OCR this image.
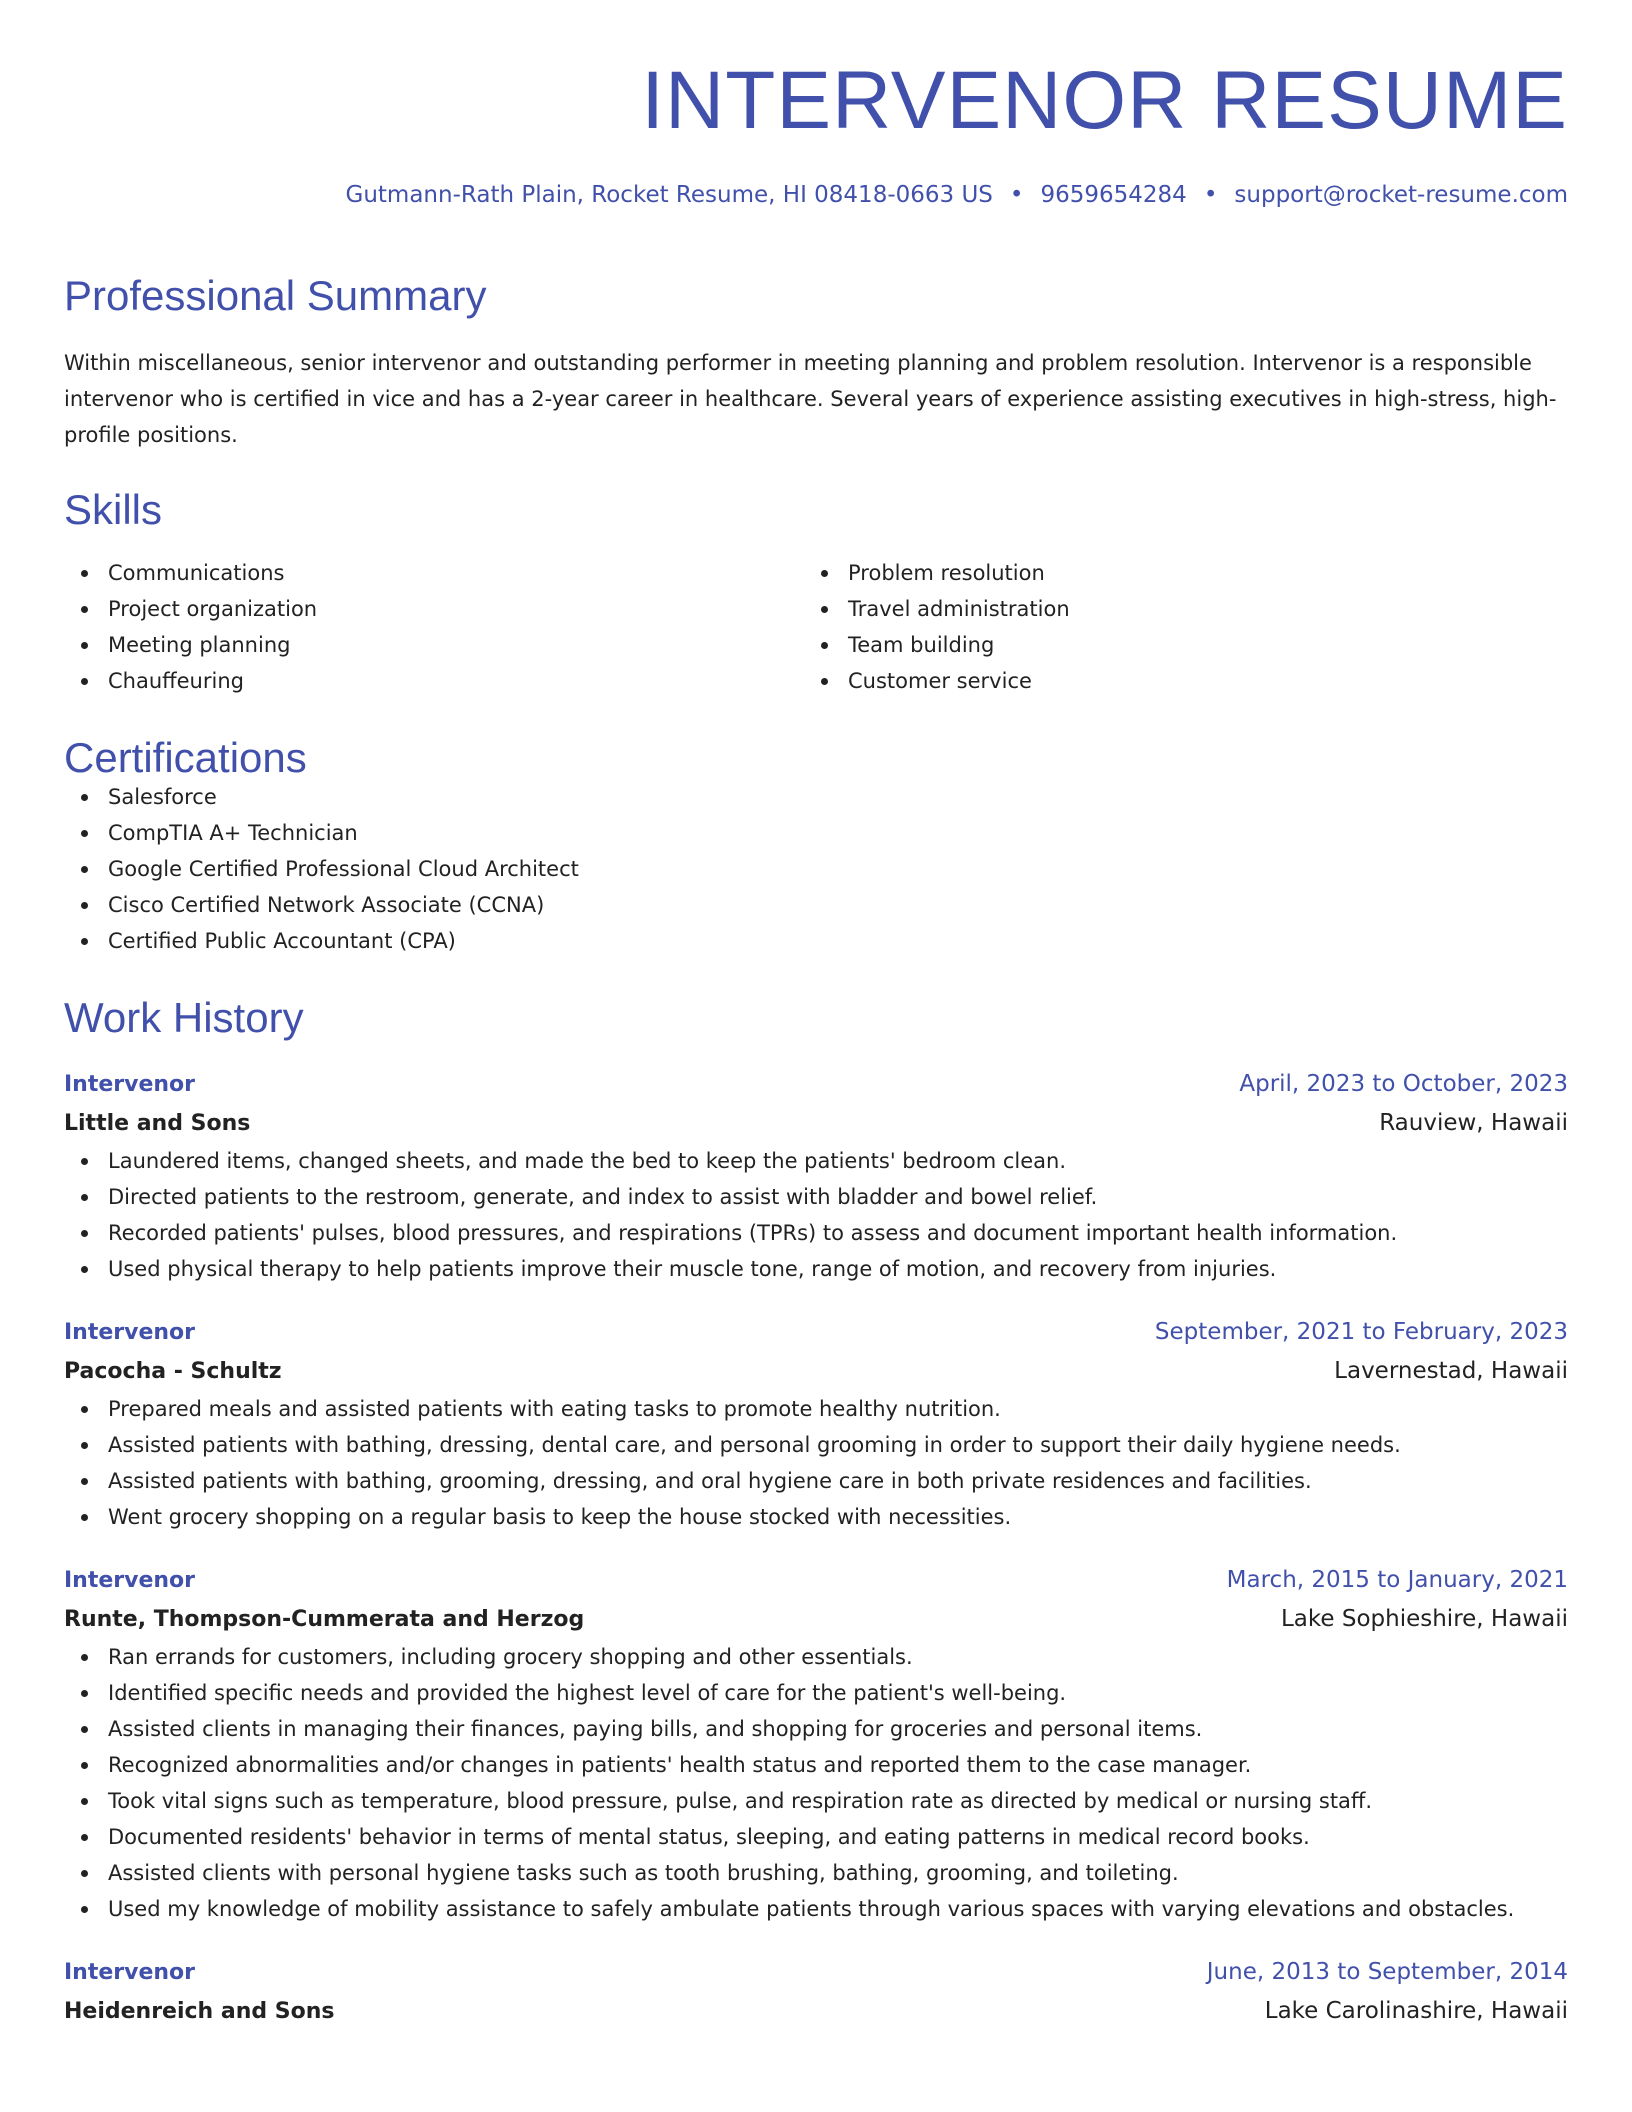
INTERVENOR RESUME
Gutmann-Rath Plain, Rocket Resume, HI 08418-0663 US • 9659654284 • support@rocket-resume.com
Professional Summary

Within miscellaneous, senior intervenor and outstanding performer in meeting planning and problem resolution. Intervenor is a responsible intervenor who is certified in vice and has a 2-year career in healthcare. Several years of experience assisting executives in high-stress, high-profile positions.

Skills
Communications
Project organization
Meeting planning
Chauffeuring
Problem resolution
Travel administration
Team building
Customer service
Certifications
Salesforce
CompTIA A+ Technician
Google Certified Professional Cloud Architect
Cisco Certified Network Associate (CCNA)
Certified Public Accountant (CPA)
Work History
Intervenor	April, 2023 to October, 2023
Little and Sons	Rauview, Hawaii
Laundered items, changed sheets, and made the bed to keep the patients' bedroom clean.
Directed patients to the restroom, generate, and index to assist with bladder and bowel relief.
Recorded patients' pulses, blood pressures, and respirations (TPRs) to assess and document important health information.
Used physical therapy to help patients improve their muscle tone, range of motion, and recovery from injuries.
Intervenor	September, 2021 to February, 2023
Pacocha - Schultz	Lavernestad, Hawaii
Prepared meals and assisted patients with eating tasks to promote healthy nutrition.
Assisted patients with bathing, dressing, dental care, and personal grooming in order to support their daily hygiene needs.
Assisted patients with bathing, grooming, dressing, and oral hygiene care in both private residences and facilities.
Went grocery shopping on a regular basis to keep the house stocked with necessities.
Intervenor	March, 2015 to January, 2021
Runte, Thompson-Cummerata and Herzog	Lake Sophieshire, Hawaii
Ran errands for customers, including grocery shopping and other essentials.
Identified specific needs and provided the highest level of care for the patient's well-being.
Assisted clients in managing their finances, paying bills, and shopping for groceries and personal items.
Recognized abnormalities and/or changes in patients' health status and reported them to the case manager.
Took vital signs such as temperature, blood pressure, pulse, and respiration rate as directed by medical or nursing staff.
Documented residents' behavior in terms of mental status, sleeping, and eating patterns in medical record books.
Assisted clients with personal hygiene tasks such as tooth brushing, bathing, grooming, and toileting.
Used my knowledge of mobility assistance to safely ambulate patients through various spaces with varying elevations and obstacles.
Intervenor	June, 2013 to September, 2014
Heidenreich and Sons	Lake Carolinashire, Hawaii
